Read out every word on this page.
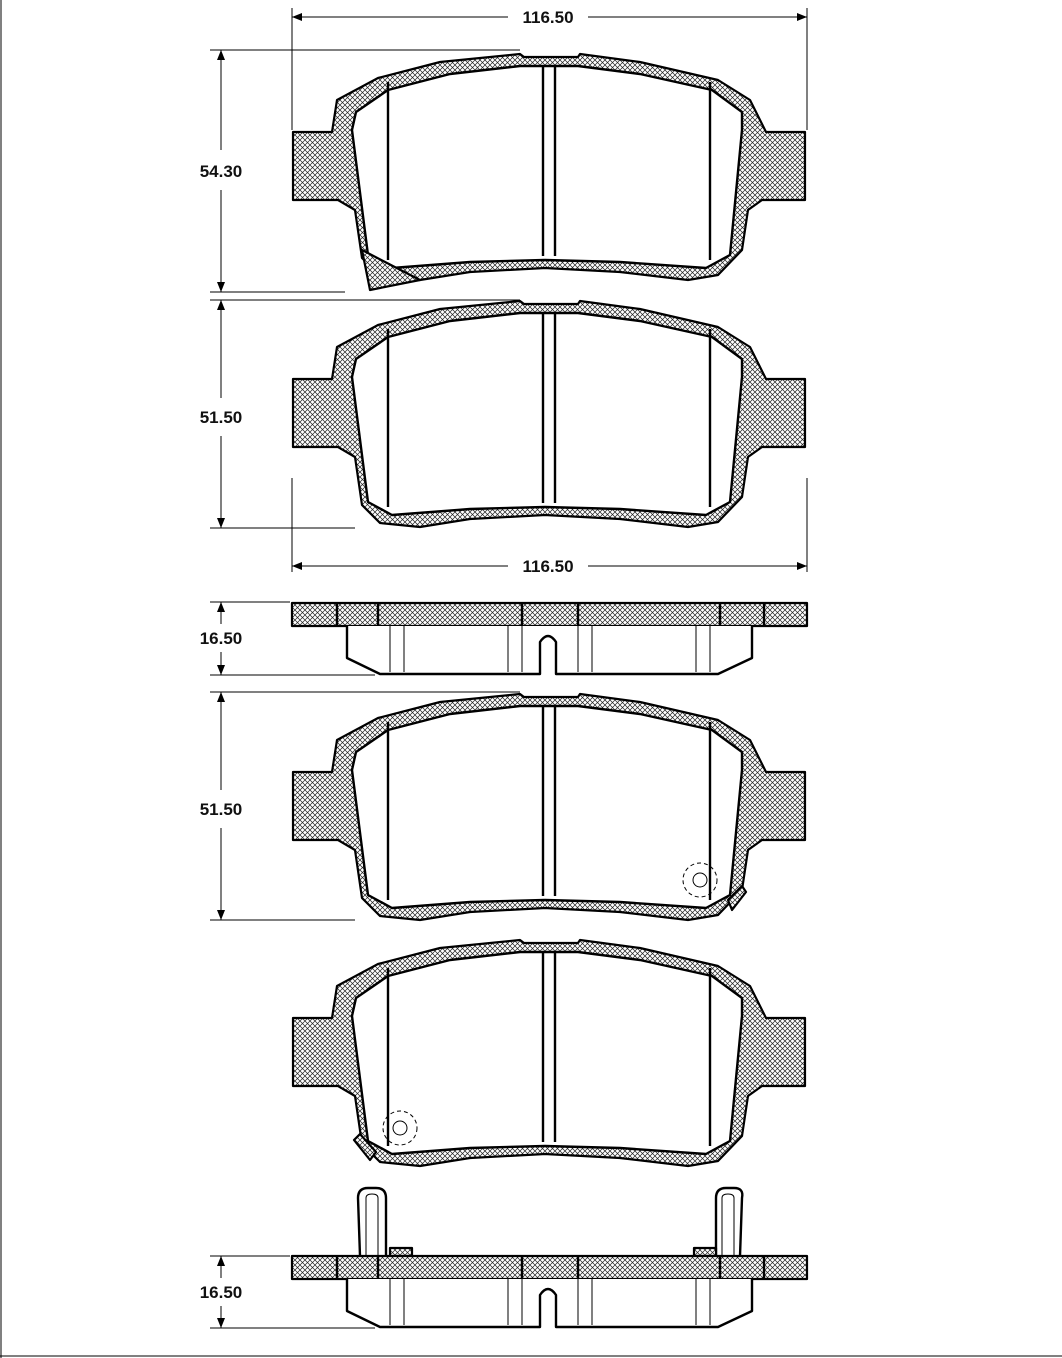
116.50
54.30
51.50
116.50
16.50
51.50
16.50
